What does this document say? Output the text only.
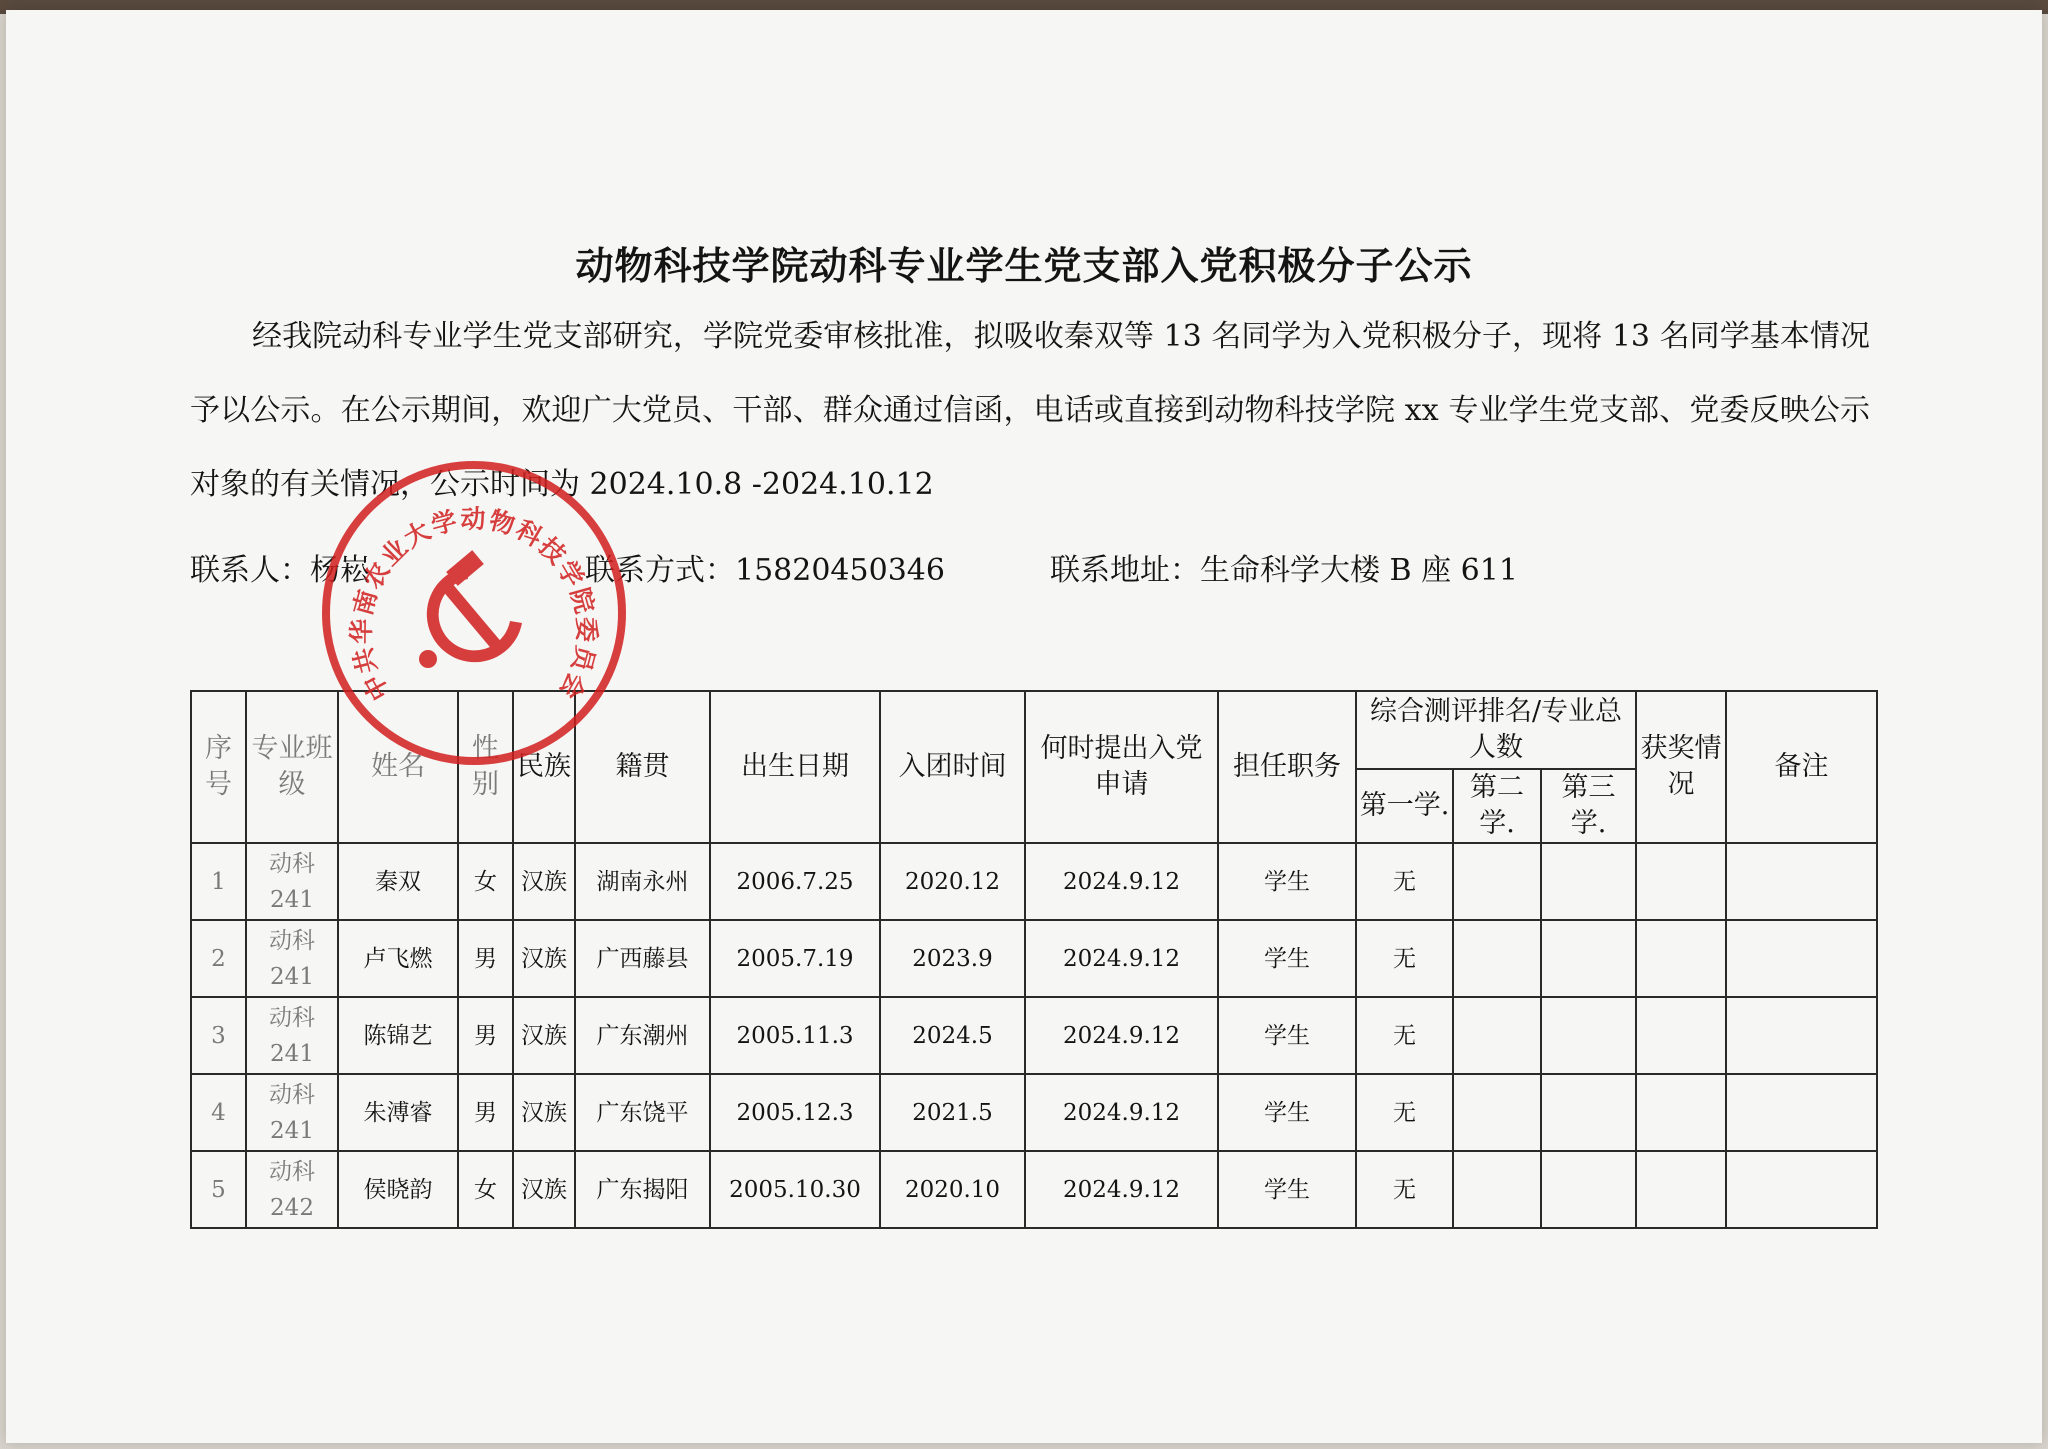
动物科技学院动科专业学生党支部入党积极分子公示
经我院动科专业学生党支部研究，学院党委审核批准，拟吸收秦双等 13 名同学为入党积极分子，现将 13 名同学基本情况予以公示。在公示期间，欢迎广大党员、干部、群众通过信函，电话或直接到动物科技学院 xx 专业学生党支部、党委反映公示对象的有关情况，公示时间为 2024.10.8 -2024.10.12
联系人：杨崧	联系方式：15820450346	联系地址：生命科学大楼 B 座 611
序号	专业班级	姓名	性别	民族	籍贯	出生日期	入团时间	何时提出入党申请	担任职务	综合测评排名/专业总人数			获奖情况	备注
										第一学.	第二学.	第三学.		
1	动科 241	秦双	女	汉族	湖南永州	2006.7.25	2020.12	2024.9.12	学生	无				
2	动科 241	卢飞燃	男	汉族	广西藤县	2005.7.19	2023.9	2024.9.12	学生	无				
3	动科 241	陈锦艺	男	汉族	广东潮州	2005.11.3	2024.5	2024.9.12	学生	无				
4	动科 241	朱溥睿	男	汉族	广东饶平	2005.12.3	2021.5	2024.9.12	学生	无				
5	动科 242	侯晓韵	女	汉族	广东揭阳	2005.10.30	2020.10	2024.9.12	学生	无				
中共华南农业大学动物科技学院委员会
